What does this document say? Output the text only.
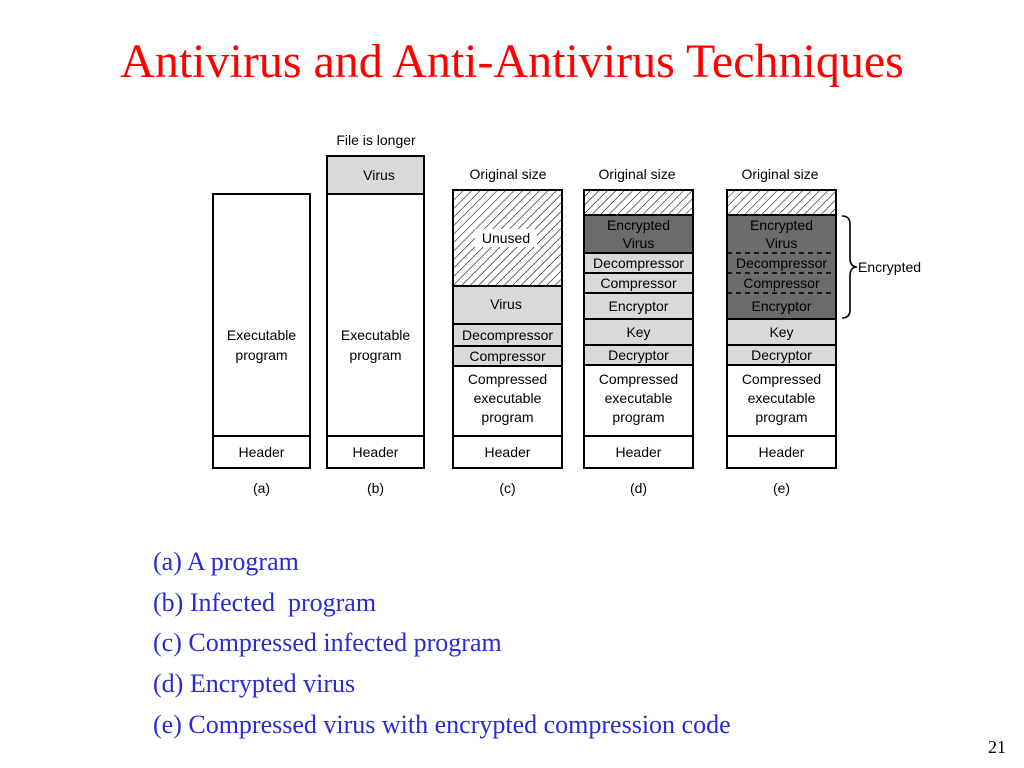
Antivirus and Anti-Antivirus Techniques
Executable
program
Header
(a)
File is longer
Virus
Executable
program
Header
(b)
Original size
Unused
Virus
Decompressor
Compressor
Compressed
executable
program
Header
(c)
Original size
Encrypted
Virus
Decompressor
Compressor
Encryptor
Key
Decryptor
Compressed
executable
program
Header
(d)
Original size
Encrypted
Virus
Decompressor
Compressor
Encryptor
Key
Decryptor
Compressed
executable
program
Header
(e)
Encrypted
(a) A program
(b) Infected  program
(c) Compressed infected program
(d) Encrypted virus
(e) Compressed virus with encrypted compression code
21
